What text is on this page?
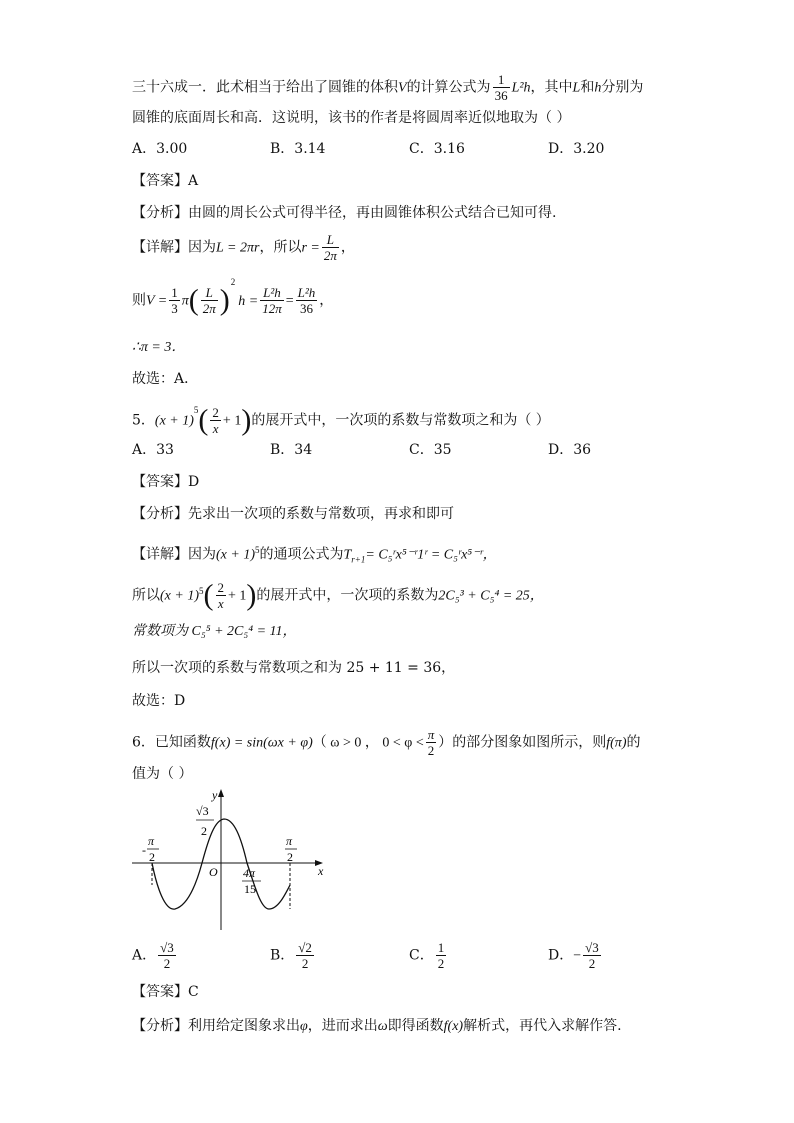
三十六成一．此术相当于给出了圆锥的体积V的计算公式为 $\frac{1}{36} L^2h$，其中L和h分别为
圆锥的底面周长和高．这说明，该书的作者是将圆周率近似地取为（ ）
A．3.00	B．3.14	C．3.16	D．3.20
【答案】A
【分析】由圆的周长公式可得半径，再由圆锥体积公式结合已知可得.
【详解】因为L = 2πr，所以$r = \frac{L}{2\pi}$ ，
则$V = \frac{1}{3} \pi( \frac{L}{2\pi} )^2h = \frac{\text{L²h}}{12\pi} = \frac{\text{L²h}}{36}$ ，
∴π = 3．
故选：A．
5．$(x + 1)^5( \frac{2}{x} + 1)$的展开式中，一次项的系数与常数项之和为（ ）
A．33	B．34	C．35	D．36
【答案】D
【分析】先求出一次项的系数与常数项，再求和即可
【详解】因为$(x + 1)^5$的通项公式为$T_{r+1}=$ C₅ʳx⁵⁻ʳ1ʳ = C₅ʳx⁵⁻ʳ，
所以$(x + 1)^5( \frac{2}{x} + 1)$的展开式中，一次项的系数为2C₅³ + C₅⁴ = 25，
常数项为 C₅⁵ + 2C₅⁴ = 11，
所以一次项的系数与常数项之和为 25 + 11 = 36，
故选：D
6．已知函数f(x) = sin(ωx + φ)（ ω > 0 ， $0 < \varphi < \frac{\pi}{2}$ ）的部分图象如图所示，则f(π)的
值为（ ）
y
x
O
√3
2
-
π
2
π
2
4π
15
A． $\frac{√3}{2}$	B． $\frac{√2}{2}$	C． $\frac{1}{2}$	D．− $\frac{√3}{2}$
【答案】C
【分析】利用给定图象求出φ，进而求出ω即得函数f(x)解析式，再代入求解作答.
